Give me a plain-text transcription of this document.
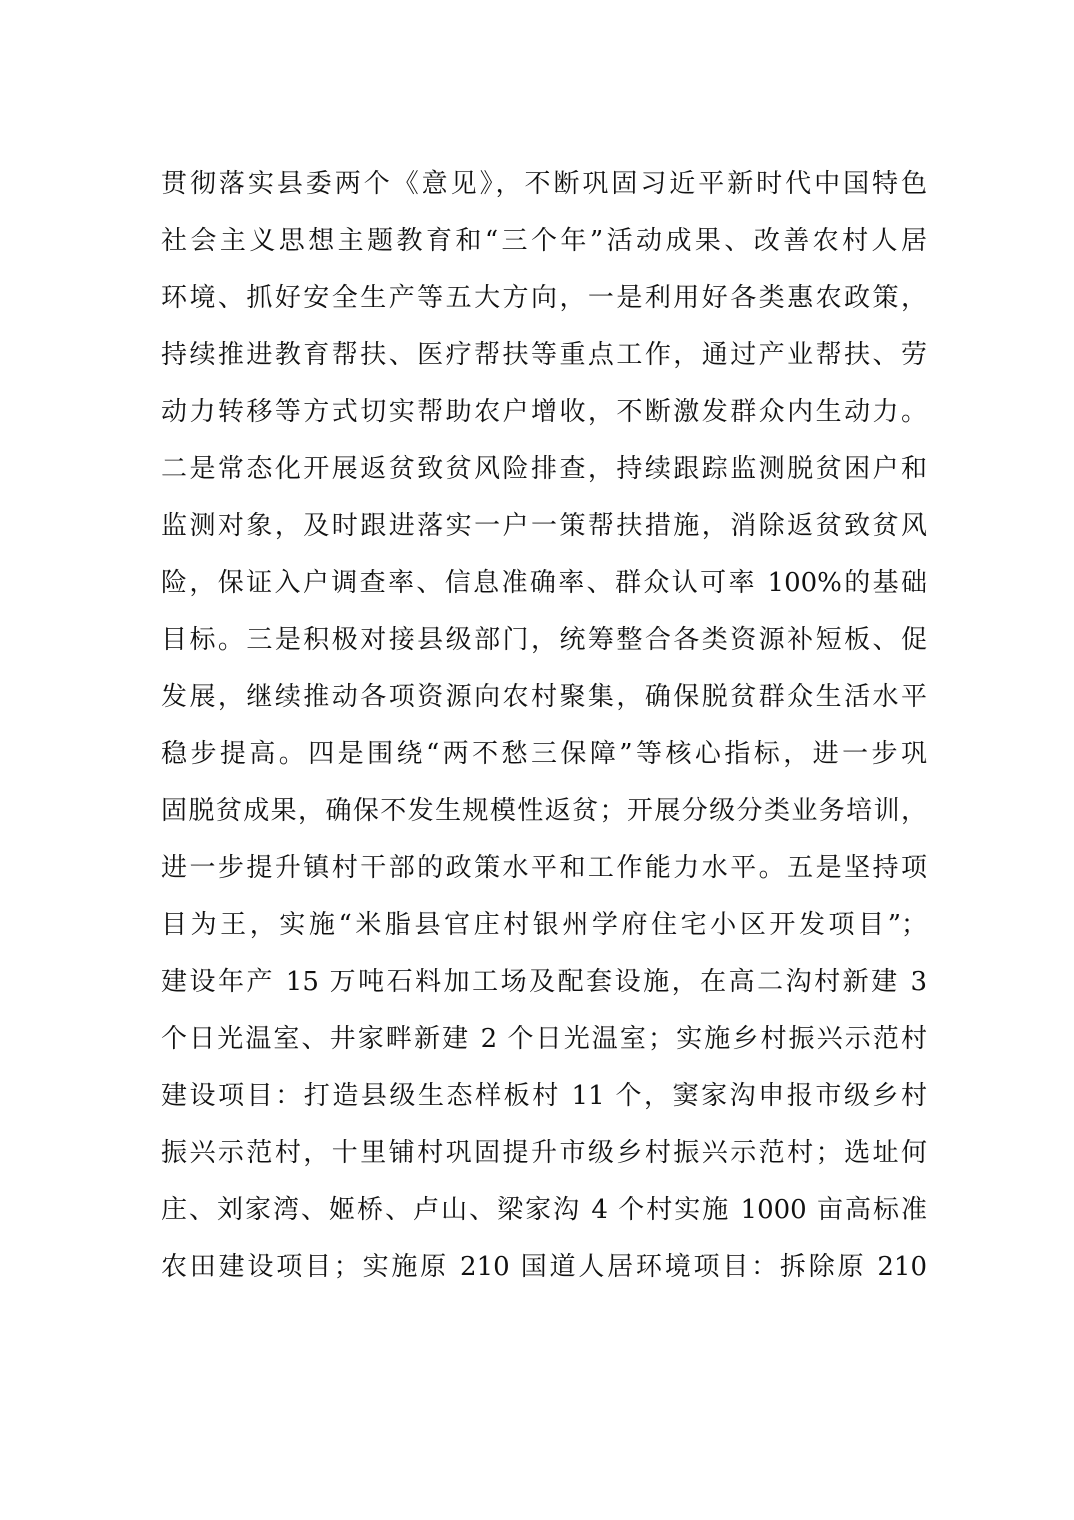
贯彻落实县委两个《意见》，不断巩固习近平新时代中国特色
社会主义思想主题教育和“三个年”活动成果、改善农村人居
环境、抓好安全生产等五大方向，一是利用好各类惠农政策，
持续推进教育帮扶、医疗帮扶等重点工作，通过产业帮扶、劳
动力转移等方式切实帮助农户增收，不断激发群众内生动力。
二是常态化开展返贫致贫风险排查，持续跟踪监测脱贫困户和
监测对象，及时跟进落实一户一策帮扶措施，消除返贫致贫风
险，保证入户调查率、信息准确率、群众认可率 100%的基础
目标。三是积极对接县级部门，统筹整合各类资源补短板、促
发展，继续推动各项资源向农村聚集，确保脱贫群众生活水平
稳步提高。四是围绕“两不愁三保障”等核心指标，进一步巩
固脱贫成果，确保不发生规模性返贫；开展分级分类业务培训，
进一步提升镇村干部的政策水平和工作能力水平。五是坚持项
目为王，实施“米脂县官庄村银州学府住宅小区开发项目”；
建设年产 15 万吨石料加工场及配套设施，在高二沟村新建 3
个日光温室、井家畔新建 2 个日光温室；实施乡村振兴示范村
建设项目：打造县级生态样板村 11 个，窦家沟申报市级乡村
振兴示范村，十里铺村巩固提升市级乡村振兴示范村；选址何
庄、刘家湾、姬桥、卢山、梁家沟 4 个村实施 1000 亩高标准
农田建设项目；实施原 210 国道人居环境项目：拆除原 210
